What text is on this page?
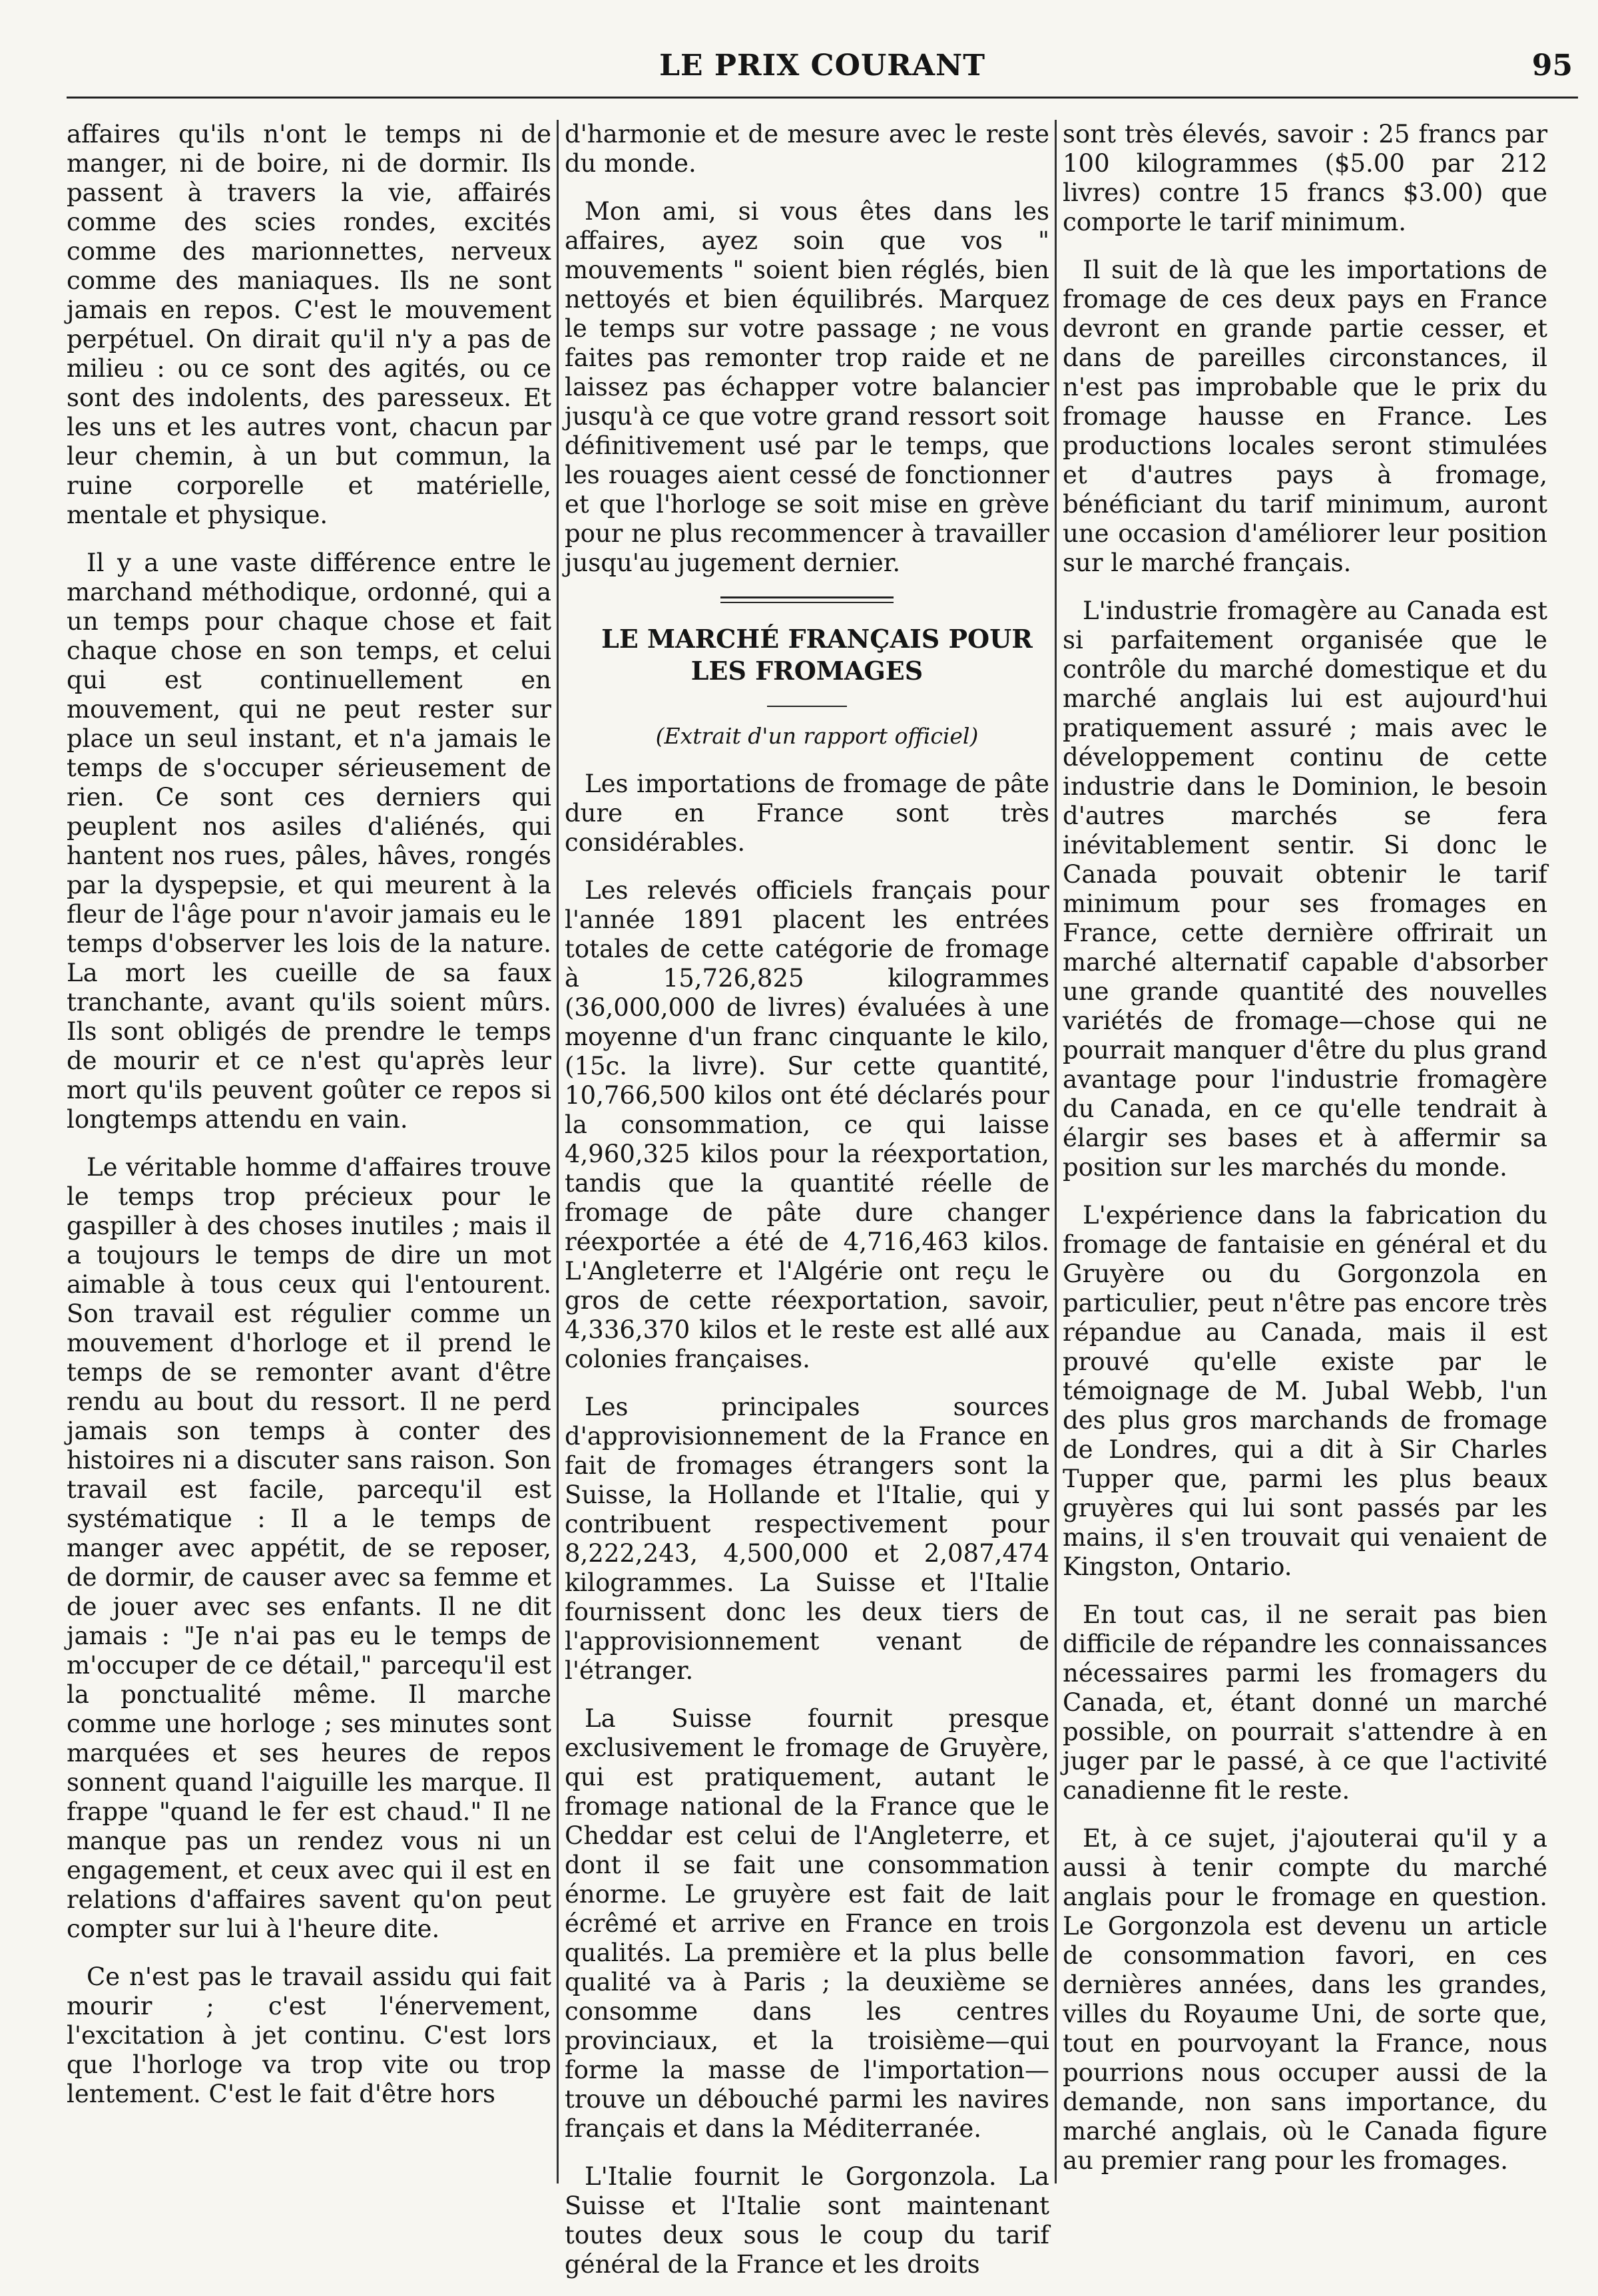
LE PRIX COURANT	95

affaires qu'ils n'ont le temps ni de manger, ni de boire, ni de dormir. Ils passent à travers la vie, affairés comme des scies rondes, excités comme des marionnettes, nerveux comme des maniaques. Ils ne sont jamais en repos. C'est le mouvement perpétuel. On dirait qu'il n'y a pas de milieu : ou ce sont des agités, ou ce sont des indolents, des paresseux. Et les uns et les autres vont, chacun par leur chemin, à un but commun, la ruine corporelle et matérielle, mentale et physique.

Il y a une vaste différence entre le marchand méthodique, ordonné, qui a un temps pour chaque chose et fait chaque chose en son temps, et celui qui est continuellement en mouvement, qui ne peut rester sur place un seul instant, et n'a jamais le temps de s'occuper sérieusement de rien. Ce sont ces derniers qui peuplent nos asiles d'aliénés, qui hantent nos rues, pâles, hâves, rongés par la dyspepsie, et qui meurent à la fleur de l'âge pour n'avoir jamais eu le temps d'observer les lois de la nature. La mort les cueille de sa faux tranchante, avant qu'ils soient mûrs. Ils sont obligés de prendre le temps de mourir et ce n'est qu'après leur mort qu'ils peuvent goûter ce repos si longtemps attendu en vain.

Le véritable homme d'affaires trouve le temps trop précieux pour le gaspiller à des choses inutiles ; mais il a toujours le temps de dire un mot aimable à tous ceux qui l'entourent. Son travail est régulier comme un mouvement d'horloge et il prend le temps de se remonter avant d'être rendu au bout du ressort. Il ne perd jamais son temps à conter des histoires ni a discuter sans raison. Son travail est facile, parcequ'il est systématique : Il a le temps de manger avec appétit, de se reposer, de dormir, de causer avec sa femme et de jouer avec ses enfants. Il ne dit jamais : "Je n'ai pas eu le temps de m'occuper de ce détail," parcequ'il est la ponctualité même. Il marche comme une horloge ; ses minutes sont marquées et ses heures de repos sonnent quand l'aiguille les marque. Il frappe "quand le fer est chaud." Il ne manque pas un rendez vous ni un engagement, et ceux avec qui il est en relations d'affaires savent qu'on peut compter sur lui à l'heure dite.

Ce n'est pas le travail assidu qui fait mourir ; c'est l'énervement, l'excitation à jet continu. C'est lors que l'horloge va trop vite ou trop lentement. C'est le fait d'être hors

d'harmonie et de mesure avec le reste du monde.

Mon ami, si vous êtes dans les affaires, ayez soin que vos " mouvements " soient bien réglés, bien nettoyés et bien équilibrés. Marquez le temps sur votre passage ; ne vous faites pas remonter trop raide et ne laissez pas échapper votre balancier jusqu'à ce que votre grand ressort soit définitivement usé par le temps, que les rouages aient cessé de fonctionner et que l'horloge se soit mise en grève pour ne plus recommencer à travailler jusqu'au jugement dernier.

LE MARCHÉ FRANÇAIS POUR LES FROMAGES

(Extrait d'un rapport officiel)

Les importations de fromage de pâte dure en France sont très considérables.

Les relevés officiels français pour l'année 1891 placent les entrées totales de cette catégorie de fromage à 15,726,825 kilogrammes (36,000,000 de livres) évaluées à une moyenne d'un franc cinquante le kilo, (15c. la livre). Sur cette quantité, 10,766,500 kilos ont été déclarés pour la consommation, ce qui laisse 4,960,325 kilos pour la réexportation, tandis que la quantité réelle de fromage de pâte dure changer réexportée a été de 4,716,463 kilos. L'Angleterre et l'Algérie ont reçu le gros de cette réexportation, savoir, 4,336,370 kilos et le reste est allé aux colonies françaises.

Les principales sources d'approvisionnement de la France en fait de fromages étrangers sont la Suisse, la Hollande et l'Italie, qui y contribuent respectivement pour 8,222,243, 4,500,000 et 2,087,474 kilogrammes. La Suisse et l'Italie fournissent donc les deux tiers de l'approvisionnement venant de l'étranger.

La Suisse fournit presque exclusivement le fromage de Gruyère, qui est pratiquement, autant le fromage national de la France que le Cheddar est celui de l'Angleterre, et dont il se fait une consommation énorme. Le gruyère est fait de lait écrêmé et arrive en France en trois qualités. La première et la plus belle qualité va à Paris ; la deuxième se consomme dans les centres provinciaux, et la troisième—qui forme la masse de l'importation—trouve un débouché parmi les navires français et dans la Méditerranée.

L'Italie fournit le Gorgonzola. La Suisse et l'Italie sont maintenant toutes deux sous le coup du tarif général de la France et les droits

sont très élevés, savoir : 25 francs par 100 kilogrammes ($5.00 par 212 livres) contre 15 francs $3.00) que comporte le tarif minimum.

Il suit de là que les importations de fromage de ces deux pays en France devront en grande partie cesser, et dans de pareilles circonstances, il n'est pas improbable que le prix du fromage hausse en France. Les productions locales seront stimulées et d'autres pays à fromage, bénéficiant du tarif minimum, auront une occasion d'améliorer leur position sur le marché français.

L'industrie fromagère au Canada est si parfaitement organisée que le contrôle du marché domestique et du marché anglais lui est aujourd'hui pratiquement assuré ; mais avec le développement continu de cette industrie dans le Dominion, le besoin d'autres marchés se fera inévitablement sentir. Si donc le Canada pouvait obtenir le tarif minimum pour ses fromages en France, cette dernière offrirait un marché alternatif capable d'absorber une grande quantité des nouvelles variétés de fromage—chose qui ne pourrait manquer d'être du plus grand avantage pour l'industrie fromagère du Canada, en ce qu'elle tendrait à élargir ses bases et à affermir sa position sur les marchés du monde.

L'expérience dans la fabrication du fromage de fantaisie en général et du Gruyère ou du Gorgonzola en particulier, peut n'être pas encore très répandue au Canada, mais il est prouvé qu'elle existe par le témoignage de M. Jubal Webb, l'un des plus gros marchands de fromage de Londres, qui a dit à Sir Charles Tupper que, parmi les plus beaux gruyères qui lui sont passés par les mains, il s'en trouvait qui venaient de Kingston, Ontario.

En tout cas, il ne serait pas bien difficile de répandre les connaissances nécessaires parmi les fromagers du Canada, et, étant donné un marché possible, on pourrait s'attendre à en juger par le passé, à ce que l'activité canadienne fit le reste.

Et, à ce sujet, j'ajouterai qu'il y a aussi à tenir compte du marché anglais pour le fromage en question. Le Gorgonzola est devenu un article de consommation favori, en ces dernières années, dans les grandes, villes du Royaume Uni, de sorte que, tout en pourvoyant la France, nous pourrions nous occuper aussi de la demande, non sans importance, du marché anglais, où le Canada figure au premier rang pour les fromages.
